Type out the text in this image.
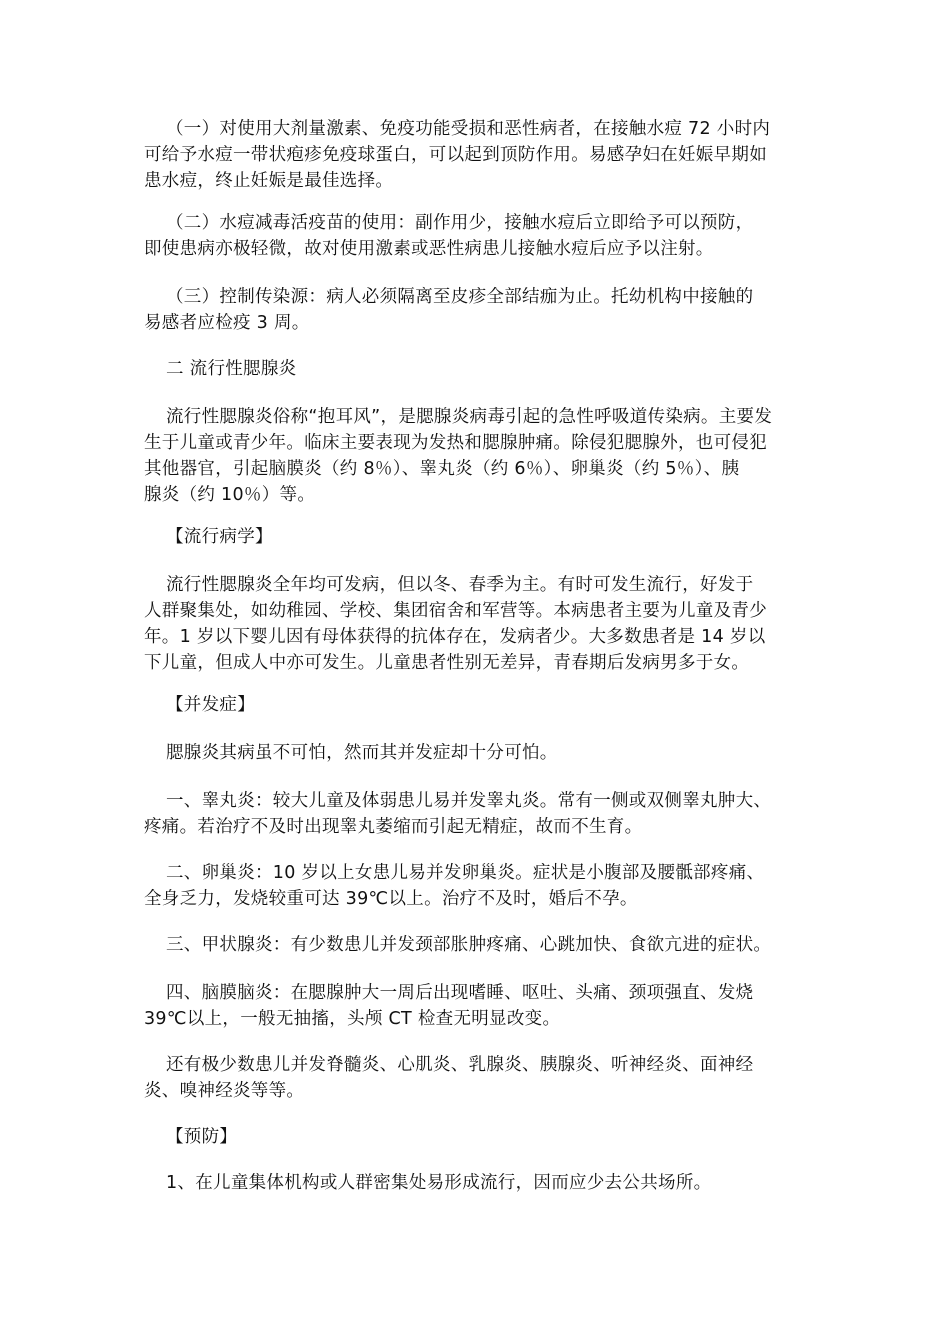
（一）对使用大剂量激素、免疫功能受损和恶性病者，在接触水痘 72 小时内
可给予水痘一带状疱疹免疫球蛋白，可以起到顶防作用。易感孕妇在妊娠早期如
患水痘，终止妊娠是最佳选择。
（二）水痘减毒活疫苗的使用：副作用少，接触水痘后立即给予可以预防，
即使患病亦极轻微，故对使用激素或恶性病患儿接触水痘后应予以注射。
（三）控制传染源：病人必须隔离至皮疹全部结痂为止。托幼机构中接触的
易感者应检疫 3 周。
二 流行性腮腺炎
流行性腮腺炎俗称“抱耳风”，是腮腺炎病毒引起的急性呼吸道传染病。主要发
生于儿童或青少年。临床主要表现为发热和腮腺肿痛。除侵犯腮腺外，也可侵犯
其他器官，引起脑膜炎（约 8％）、睾丸炎（约 6％）、卵巢炎（约 5％）、胰
腺炎（约 10％）等。
【流行病学】
流行性腮腺炎全年均可发病，但以冬、春季为主。有时可发生流行，好发于
人群聚集处，如幼稚园、学校、集团宿舍和军营等。本病患者主要为儿童及青少
年。1 岁以下婴儿因有母体获得的抗体存在，发病者少。大多数患者是 14 岁以
下儿童，但成人中亦可发生。儿童患者性别无差异，青春期后发病男多于女。
【并发症】
腮腺炎其病虽不可怕，然而其并发症却十分可怕。
一、睾丸炎：较大儿童及体弱患儿易并发睾丸炎。常有一侧或双侧睾丸肿大、
疼痛。若治疗不及时出现睾丸萎缩而引起无精症，故而不生育。
二、卵巢炎：10 岁以上女患儿易并发卵巢炎。症状是小腹部及腰骶部疼痛、
全身乏力，发烧较重可达 39℃以上。治疗不及时，婚后不孕。
三、甲状腺炎：有少数患儿并发颈部胀肿疼痛、心跳加快、食欲亢进的症状。
四、脑膜脑炎：在腮腺肿大一周后出现嗜睡、呕吐、头痛、颈项强直、发烧
39℃以上，一般无抽搐，头颅 CT 检查无明显改变。
还有极少数患儿并发脊髓炎、心肌炎、乳腺炎、胰腺炎、听神经炎、面神经
炎、嗅神经炎等等。
【预防】
1、在儿童集体机构或人群密集处易形成流行，因而应少去公共场所。
